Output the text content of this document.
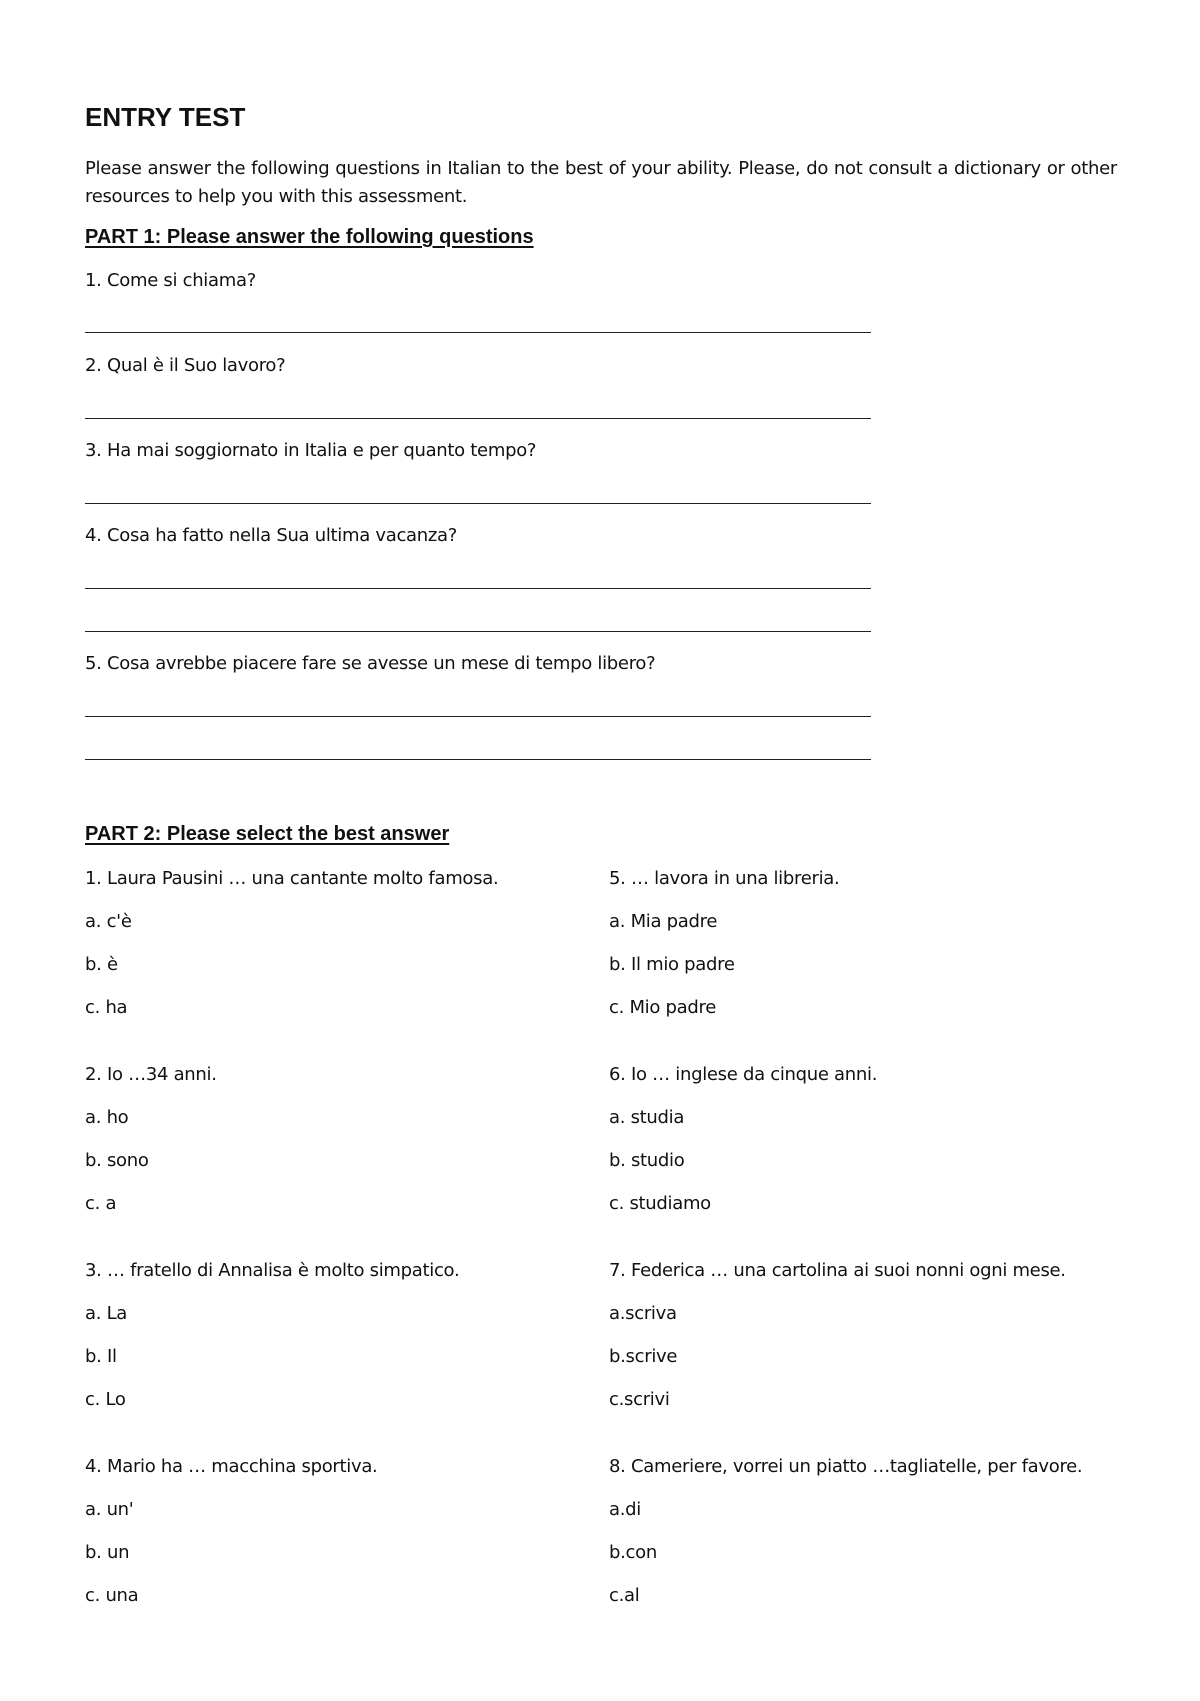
ENTRY TEST

Please answer the following questions in Italian to the best of your ability. Please, do not consult a dictionary or other resources to help you with this assessment.

PART 1: Please answer the following questions

1. Come si chiama?

2. Qual è il Suo lavoro?

3. Ha mai soggiornato in Italia e per quanto tempo?

4. Cosa ha fatto nella Sua ultima vacanza?

5. Cosa avrebbe piacere fare se avesse un mese di tempo libero?

PART 2: Please select the best answer

1. Laura Pausini … una cantante molto famosa.

a. c'è

b. è

c. ha

2. Io …34 anni.

a. ho

b. sono

c. a

3. … fratello di Annalisa è molto simpatico.

a. La

b. Il

c. Lo

4. Mario ha … macchina sportiva.

a. un'

b. un

c. una

5. … lavora in una libreria.

a. Mia padre

b. Il mio padre

c. Mio padre

6. Io … inglese da cinque anni.

a. studia

b. studio

c. studiamo

7. Federica … una cartolina ai suoi nonni ogni mese.

a.scriva

b.scrive

c.scrivi

8. Cameriere, vorrei un piatto …tagliatelle, per favore.

a.di

b.con

c.al
